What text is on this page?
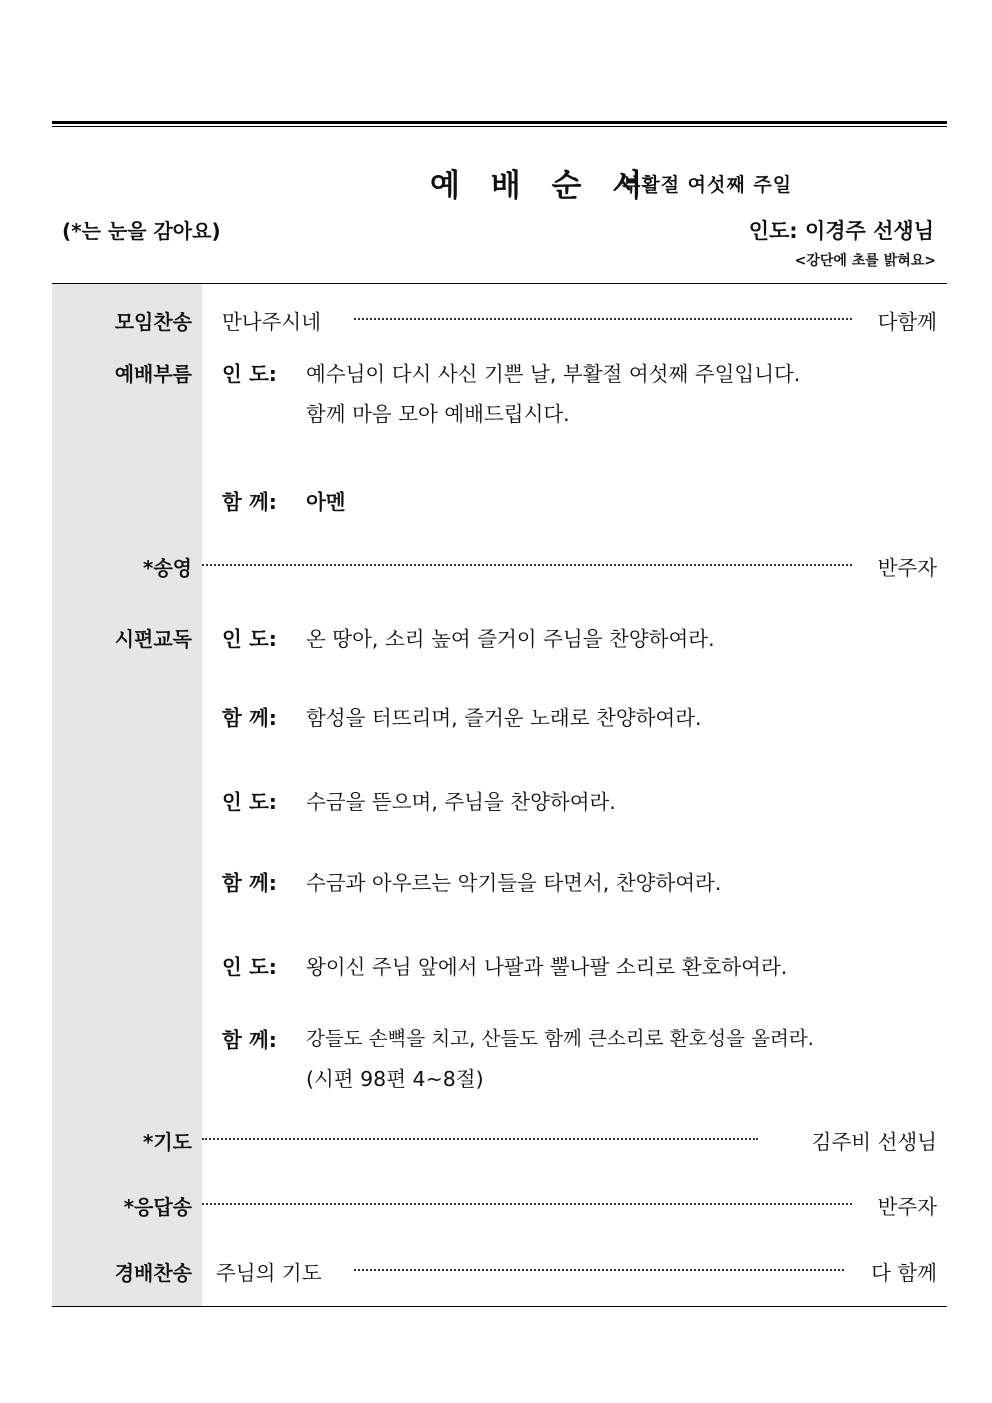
예 배 순 서
부활절 여섯째 주일
(*는 눈을 감아요)	인도: 이경주 선생님
<강단에 초를 밝혀요>
모임찬송 만나주시네	다함께
예배부름 인 도: 예수님이 다시 사신 기쁜 날, 부활절 여섯째 주일입니다.
함께 마음 모아 예배드립시다.
함 께: 아멘
*송영	반주자
시편교독 인 도: 온 땅아, 소리 높여 즐거이 주님을 찬양하여라.
함 께: 함성을 터뜨리며, 즐거운 노래로 찬양하여라.
인 도: 수금을 뜯으며, 주님을 찬양하여라.
함 께: 수금과 아우르는 악기들을 타면서, 찬양하여라.
인 도: 왕이신 주님 앞에서 나팔과 뿔나팔 소리로 환호하여라.
함 께: 강들도 손뼉을 치고, 산들도 함께 큰소리로 환호성을 올려라.
(시편 98편 4~8절)
*기도	김주비 선생님
*응답송	반주자
경배찬송 주님의 기도	다 함께
